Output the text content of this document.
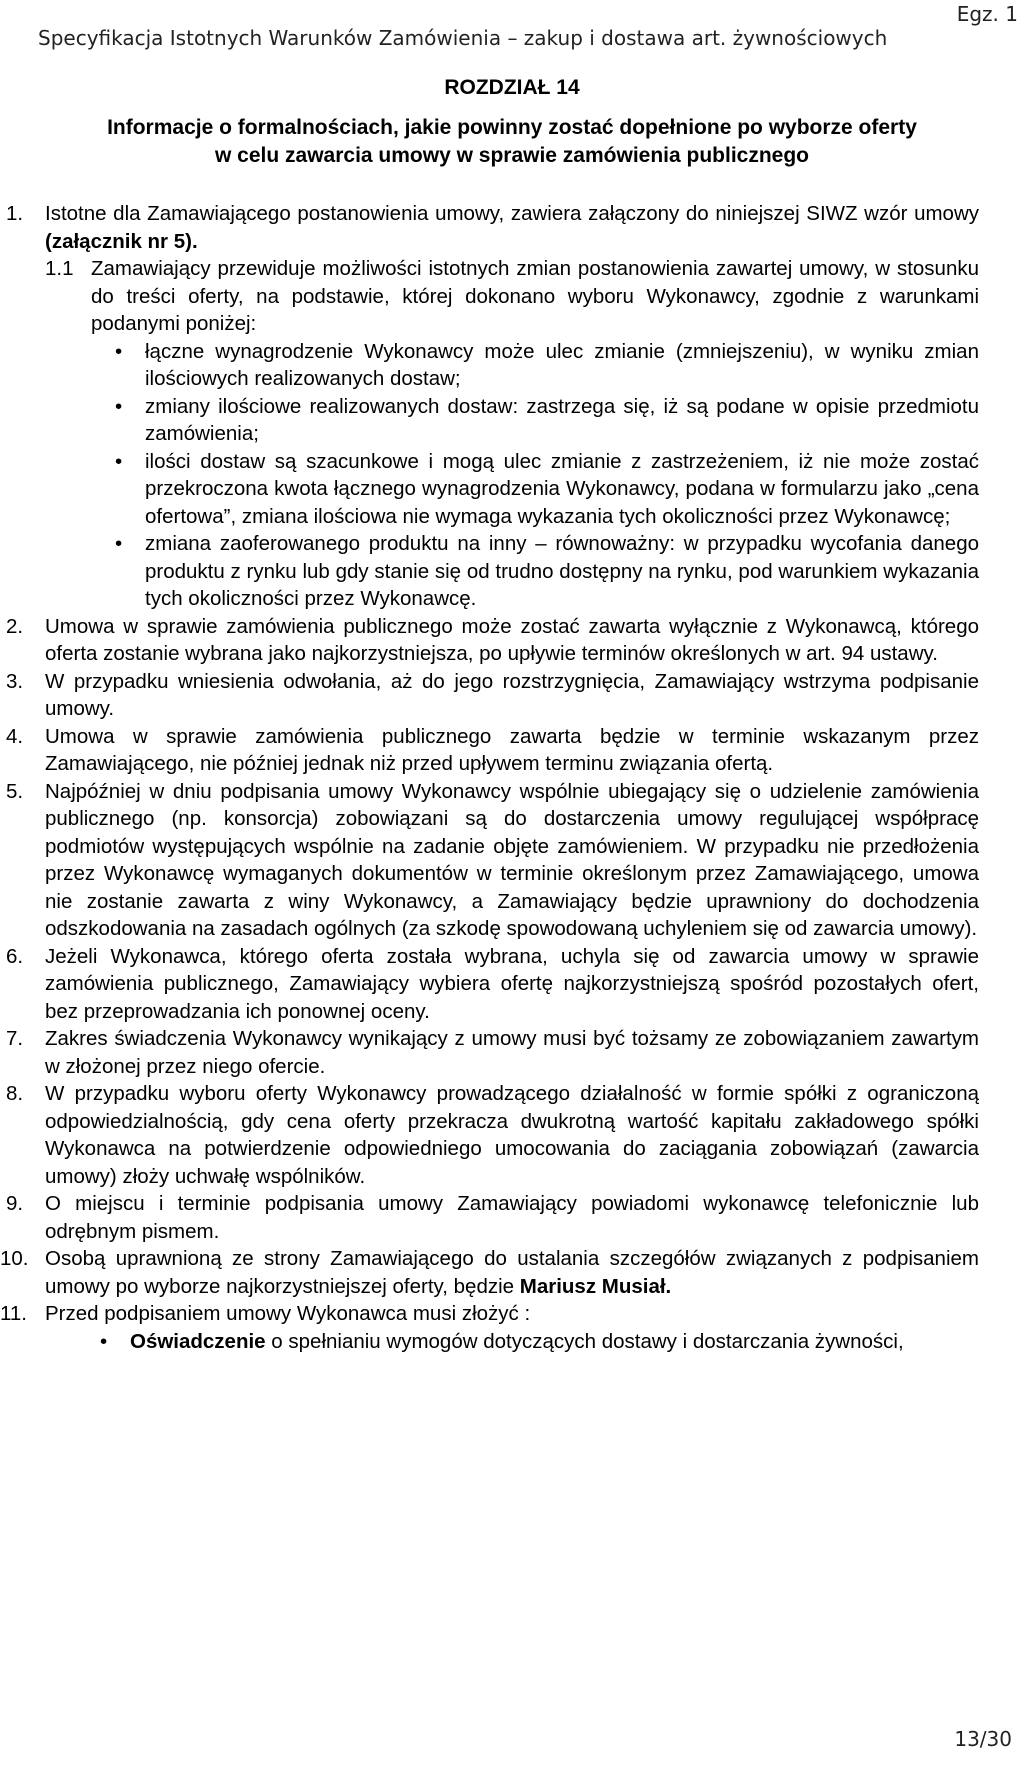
Specyfikacja Istotnych Warunków Zamówienia – zakup i dostawa art. żywnościowych
Egz. 1
ROZDZIAŁ 14
Informacje o formalnościach, jakie powinny zostać dopełnione po wyborze oferty
w celu zawarcia umowy w sprawie zamówienia publicznego
1. Istotne dla Zamawiającego postanowienia umowy, zawiera załączony do niniejszej SIWZ wzór umowy (załącznik nr 5).
1.1 Zamawiający przewiduje możliwości istotnych zmian postanowienia zawartej umowy, w stosunku do treści oferty, na podstawie, której dokonano wyboru Wykonawcy, zgodnie z warunkami podanymi poniżej:
• łączne wynagrodzenie Wykonawcy może ulec zmianie (zmniejszeniu), w wyniku zmian ilościowych realizowanych dostaw;
• zmiany ilościowe realizowanych dostaw: zastrzega się, iż są podane w opisie przedmiotu zamówienia;
• ilości dostaw są szacunkowe i mogą ulec zmianie z zastrzeżeniem, iż nie może zostać przekroczona kwota łącznego wynagrodzenia Wykonawcy, podana w formularzu jako „cena ofertowa”, zmiana ilościowa nie wymaga wykazania tych okoliczności przez Wykonawcę;
• zmiana zaoferowanego produktu na inny – równoważny: w przypadku wycofania danego produktu z rynku lub gdy stanie się od trudno dostępny na rynku, pod warunkiem wykazania tych okoliczności przez Wykonawcę.
2. Umowa w sprawie zamówienia publicznego może zostać zawarta wyłącznie z Wykonawcą, którego oferta zostanie wybrana jako najkorzystniejsza, po upływie terminów określonych w art. 94 ustawy.
3. W przypadku wniesienia odwołania, aż do jego rozstrzygnięcia, Zamawiający wstrzyma podpisanie umowy.
4. Umowa w sprawie zamówienia publicznego zawarta będzie w terminie wskazanym przez Zamawiającego, nie później jednak niż przed upływem terminu związania ofertą.
5. Najpóźniej w dniu podpisania umowy Wykonawcy wspólnie ubiegający się o udzielenie zamówienia publicznego (np. konsorcja) zobowiązani są do dostarczenia umowy regulującej współpracę podmiotów występujących wspólnie na zadanie objęte zamówieniem. W przypadku nie przedłożenia przez Wykonawcę wymaganych dokumentów w terminie określonym przez Zamawiającego, umowa nie zostanie zawarta z winy Wykonawcy, a Zamawiający będzie uprawniony do dochodzenia odszkodowania na zasadach ogólnych (za szkodę spowodowaną uchyleniem się od zawarcia umowy).
6. Jeżeli Wykonawca, którego oferta została wybrana, uchyla się od zawarcia umowy w sprawie zamówienia publicznego, Zamawiający wybiera ofertę najkorzystniejszą spośród pozostałych ofert, bez przeprowadzania ich ponownej oceny.
7. Zakres świadczenia Wykonawcy wynikający z umowy musi być tożsamy ze zobowiązaniem zawartym w złożonej przez niego ofercie.
8. W przypadku wyboru oferty Wykonawcy prowadzącego działalność w formie spółki z ograniczoną odpowiedzialnością, gdy cena oferty przekracza dwukrotną wartość kapitału zakładowego spółki Wykonawca na potwierdzenie odpowiedniego umocowania do zaciągania zobowiązań (zawarcia umowy) złoży uchwałę wspólników.
9. O miejscu i terminie podpisania umowy Zamawiający powiadomi wykonawcę telefonicznie lub odrębnym pismem.
10. Osobą uprawnioną ze strony Zamawiającego do ustalania szczegółów związanych z podpisaniem umowy po wyborze najkorzystniejszej oferty, będzie Mariusz Musiał.
11. Przed podpisaniem umowy Wykonawca musi złożyć :
• Oświadczenie o spełnianiu wymogów dotyczących dostawy i dostarczania żywności,
13/30
